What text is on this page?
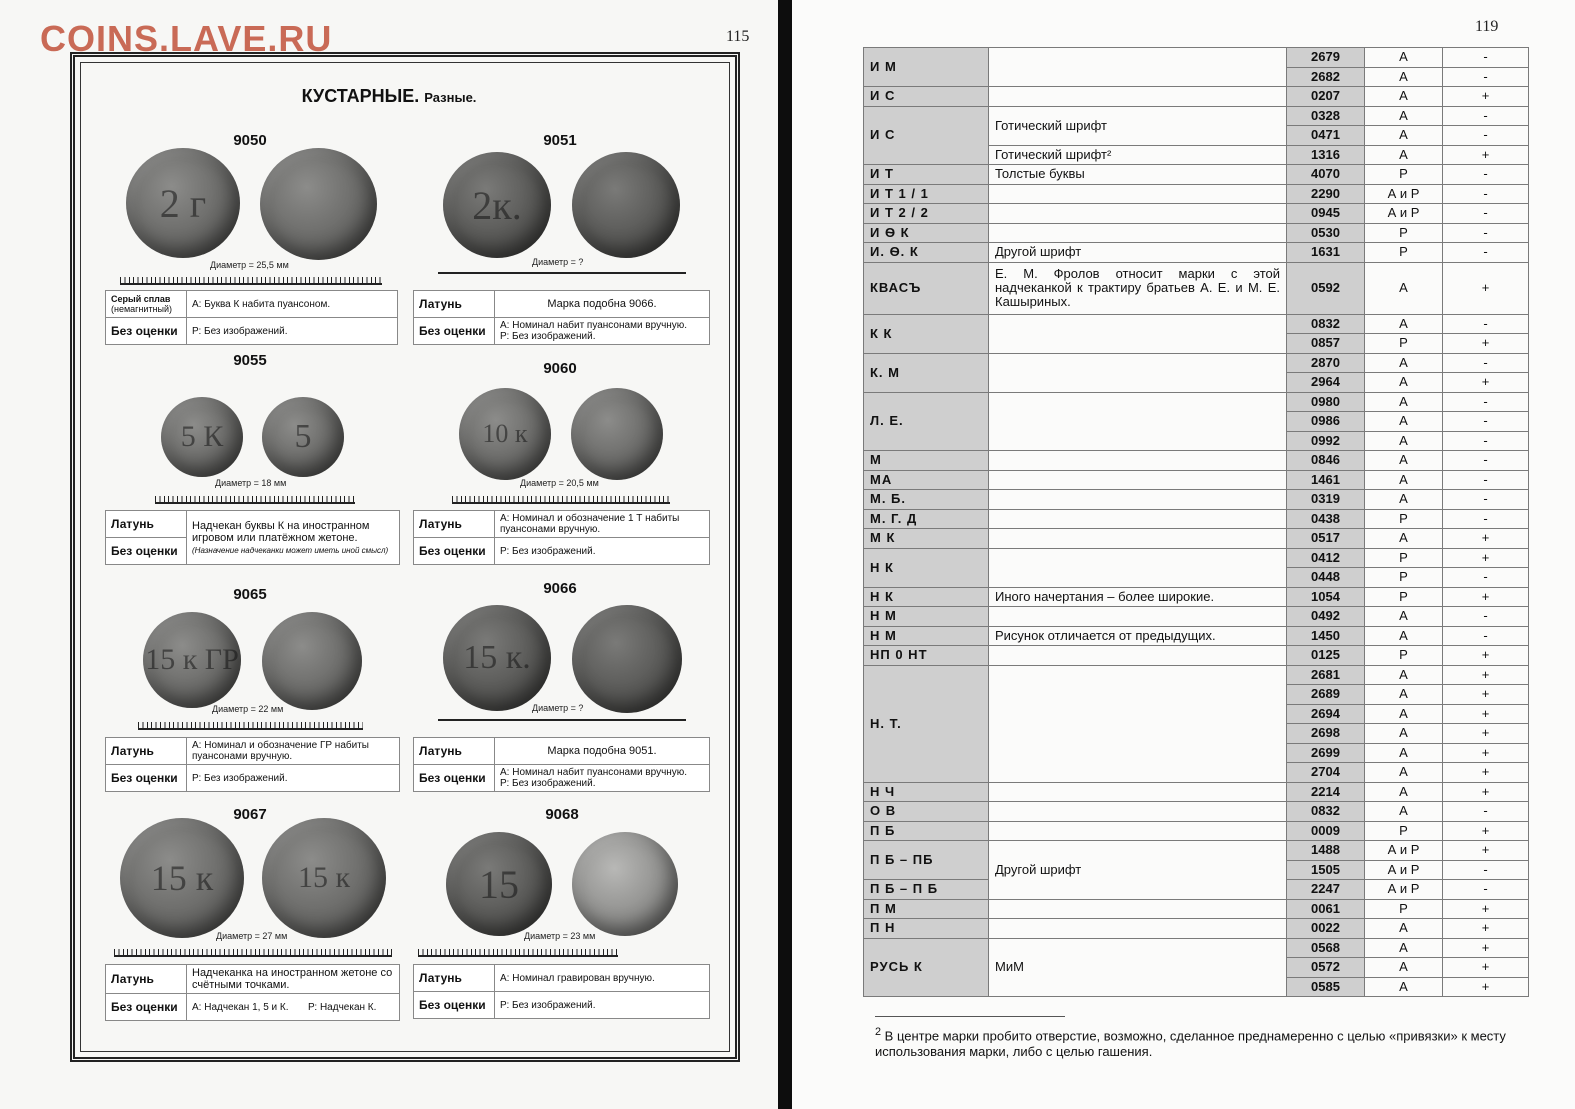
COINS.LAVE.RU	115
КУСТАРНЫЕ. Разные.
9050
2 г
Диаметр = 25,5 мм
Серый сплав
(немагнитный)	А: Буква К набита пуансоном.
Без оценки	Р: Без изображений.
9051
2к.
Диаметр = ?
Латунь	Марка подобна 9066.
Без оценки	А: Номинал набит пуансонами вручную.
Р: Без изображений.
9055
5 К	5
Диаметр = 18 мм
Латунь	Надчекан буквы К на иностранном игровом или платёжном жетоне.
(Назначение надчеканки может иметь иной смысл)
Без оценки
9060
10 к
Диаметр = 20,5 мм
Латунь	А: Номинал и обозначение 1 Т набиты пуансонами вручную.
Без оценки	Р: Без изображений.
9065
15 к ГР
Диаметр = 22 мм
Латунь	А: Номинал и обозначение ГР набиты пуансонами вручную.
Без оценки	Р: Без изображений.
9066
15 к.
Диаметр = ?
Латунь	Марка подобна 9051.
Без оценки	А: Номинал набит пуансонами вручную.
Р: Без изображений.
9067
15 к	15 к
Диаметр = 27 мм
Латунь	Надчеканка на иностранном жетоне со счётными точками.
Без оценки	А: Надчекан 1, 5 и К. Р: Надчекан К.
9068
15
Диаметр = 23 мм
Латунь	А: Номинал гравирован вручную.
Без оценки	Р: Без изображений.
119
И М		2679	А	-
		2682	А	-
И С		0207	А	+
И С	Готический шрифт	0328	А	-
		0471	А	-
	Готический шрифт²	1316	А	+
И Т	Толстые буквы	4070	Р	-
И Т 1 / 1		2290	А и Р	-
И Т 2 / 2		0945	А и Р	-
И Ѳ К		0530	Р	-
И. Ѳ. К	Другой шрифт	1631	Р	-
КВАСЪ	Е. М. Фролов относит марки с этой надчеканкой к трактиру братьев А. Е. и М. Е. Кашыриных.	0592	А	+
К К		0832	А	-
		0857	Р	+
К. М		2870	А	-
		2964	А	+
Л. Е.		0980	А	-
		0986	А	-
		0992	А	-
М		0846	А	-
МА		1461	А	-
М. Б.		0319	А	-
М. Г. Д		0438	Р	-
М К		0517	А	+
Н К		0412	Р	+
		0448	Р	-
Н К	Иного начертания – более широкие.	1054	Р	+
Н М		0492	А	-
Н М	Рисунок отличается от предыдущих.	1450	А	-
НП 0 НТ		0125	Р	+
Н. Т.		2681	А	+
		2689	А	+
		2694	А	+
		2698	А	+
		2699	А	+
		2704	А	+
Н Ч		2214	А	+
О В		0832	А	-
П Б		0009	Р	+
П Б – ПБ	Другой шрифт	1488	А и Р	+
		1505	А и Р	-
П Б – П Б		2247	А и Р	-
П М		0061	Р	+
П Н		0022	А	+
РУСЬ К	МиМ	0568	А	+
		0572	А	+
		0585	А	+
$^2$ В центре марки пробито отверстие, возможно, сделанное преднамеренно с целью «привязки» к месту использования марки, либо с целью гашения.
